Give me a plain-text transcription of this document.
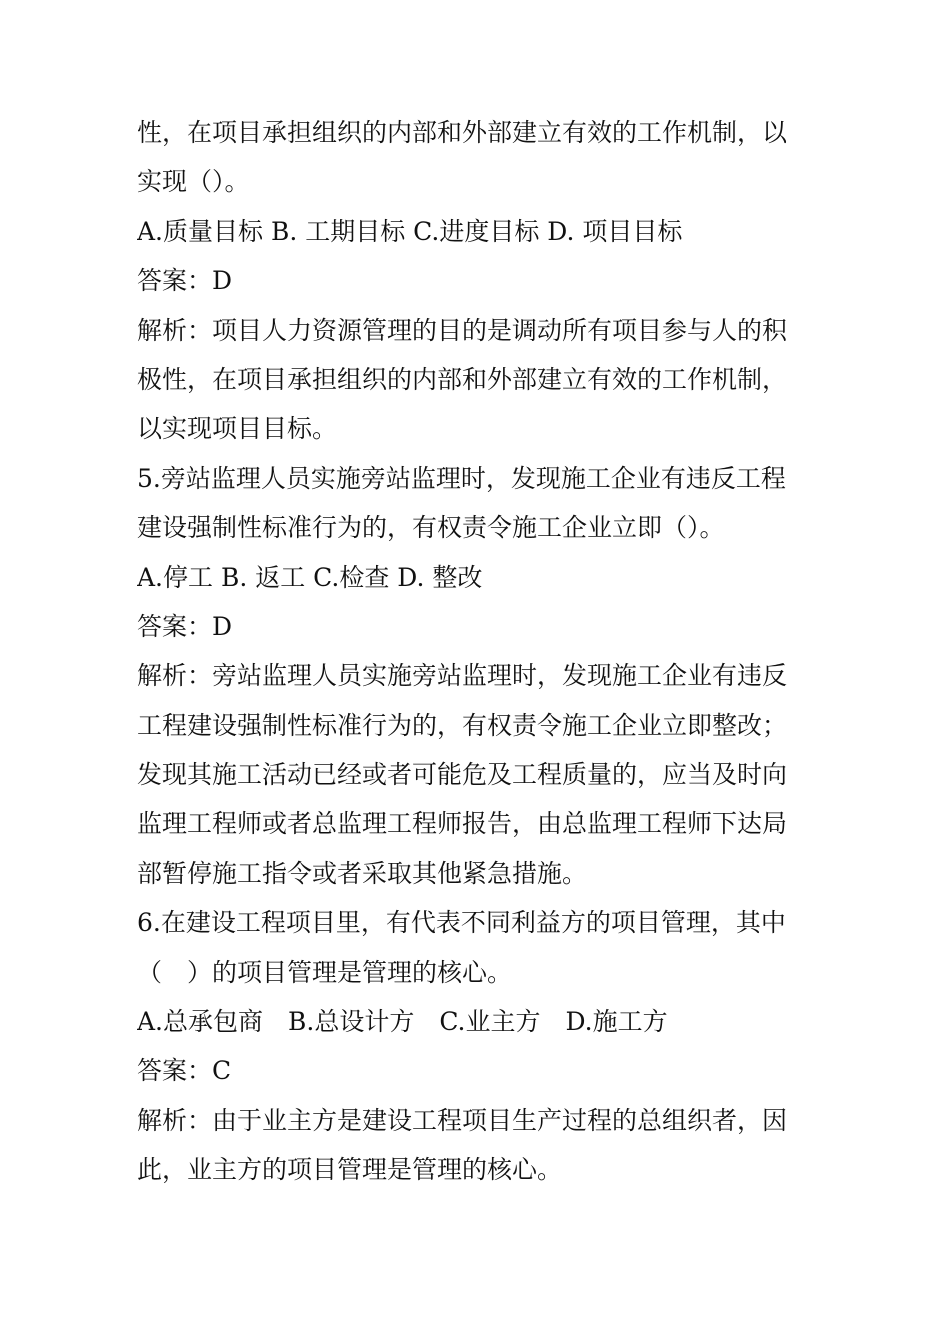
性，在项目承担组织的内部和外部建立有效的工作机制，以
实现（）。
A.质量目标 B. 工期目标 C.进度目标 D. 项目目标
答案：D
解析：项目人力资源管理的目的是调动所有项目参与人的积
极性，在项目承担组织的内部和外部建立有效的工作机制，
以实现项目目标。
5.旁站监理人员实施旁站监理时，发现施工企业有违反工程
建设强制性标准行为的，有权责令施工企业立即（）。
A.停工 B. 返工 C.检查 D. 整改
答案：D
解析：旁站监理人员实施旁站监理时，发现施工企业有违反
工程建设强制性标准行为的，有权责令施工企业立即整改；
发现其施工活动已经或者可能危及工程质量的，应当及时向
监理工程师或者总监理工程师报告，由总监理工程师下达局
部暂停施工指令或者采取其他紧急措施。
6.在建设工程项目里，有代表不同利益方的项目管理，其中
（　）的项目管理是管理的核心。
A.总承包商　B.总设计方　C.业主方　D.施工方
答案：C
解析：由于业主方是建设工程项目生产过程的总组织者，因
此，业主方的项目管理是管理的核心。
